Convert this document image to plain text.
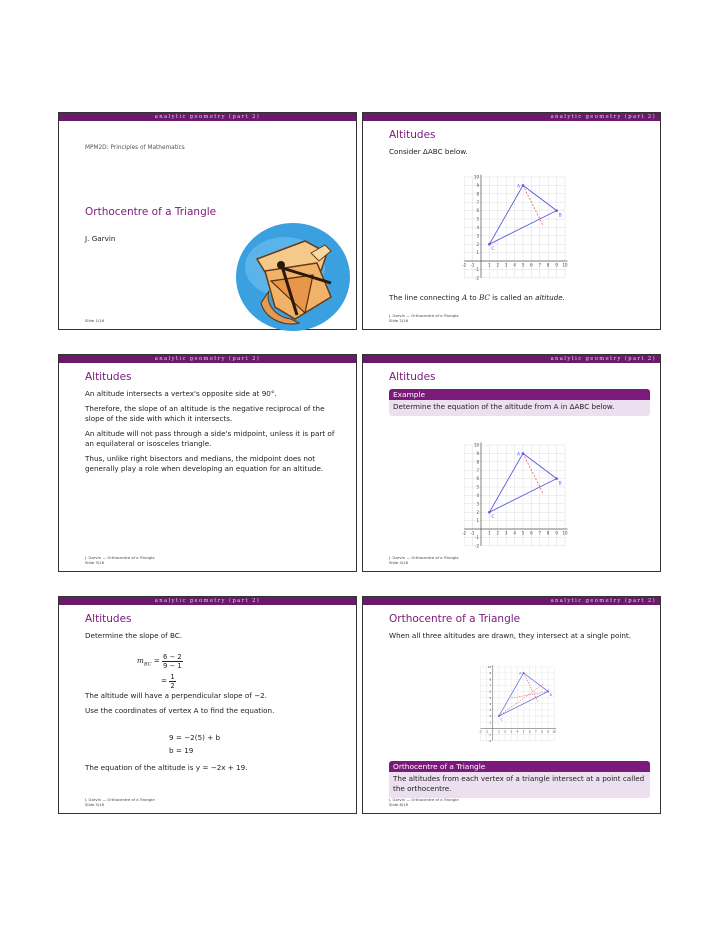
analytic geometry (part 2)
MPM2D: Principles of Mathematics
Orthocentre of a Triangle
J. Garvin
Slide 1/16
analytic geometry (part 2)
Altitudes

Consider ΔABC below.

10
9
8
7
6
5
4
3
2
1
-1
-2
-2 -1	1 2 3 4 5 6 7 8 9 10
A
B
C
The line connecting A to BC is called an altitude.
J. Garvin — Orthocentre of a Triangle
Slide 2/16
analytic geometry (part 2)
Altitudes

An altitude intersects a vertex's opposite side at 90°.

Therefore, the slope of an altitude is the negative reciprocal of the slope of the side with which it intersects.

An altitude will not pass through a side's midpoint, unless it is part of an equilateral or isosceles triangle.

Thus, unlike right bisectors and medians, the midpoint does not generally play a role when developing an equation for an altitude.

J. Garvin — Orthocentre of a Triangle
Slide 3/16
analytic geometry (part 2)
Altitudes
Example
Determine the equation of the altitude from A in ΔABC below.
10
9
8
7
6
5
4
3
2
1
-1
-2
-2 -1	1 2 3 4 5 6 7 8 9 10
A
B
C
J. Garvin — Orthocentre of a Triangle
Slide 4/16
analytic geometry (part 2)
Altitudes

Determine the slope of BC.

$m_{BC} = \frac{6 - 2}{9 - 1}$
= $\frac{1}{2}$

The altitude will have a perpendicular slope of −2.

Use the coordinates of vertex A to find the equation.

9 = −2(5) + b
b = 19

The equation of the altitude is y = −2x + 19.

J. Garvin — Orthocentre of a Triangle
Slide 5/16
analytic geometry (part 2)
Orthocentre of a Triangle

When all three altitudes are drawn, they intersect at a single point.

10
9
8
7
6
5
4
3
2
1
-1
-2
-2 -1 1 2 3 4 5 6 7 8 9 10
A
B
C
Orthocentre of a Triangle
The altitudes from each vertex of a triangle intersect at a point called the orthocentre.
J. Garvin — Orthocentre of a Triangle
Slide 6/16
